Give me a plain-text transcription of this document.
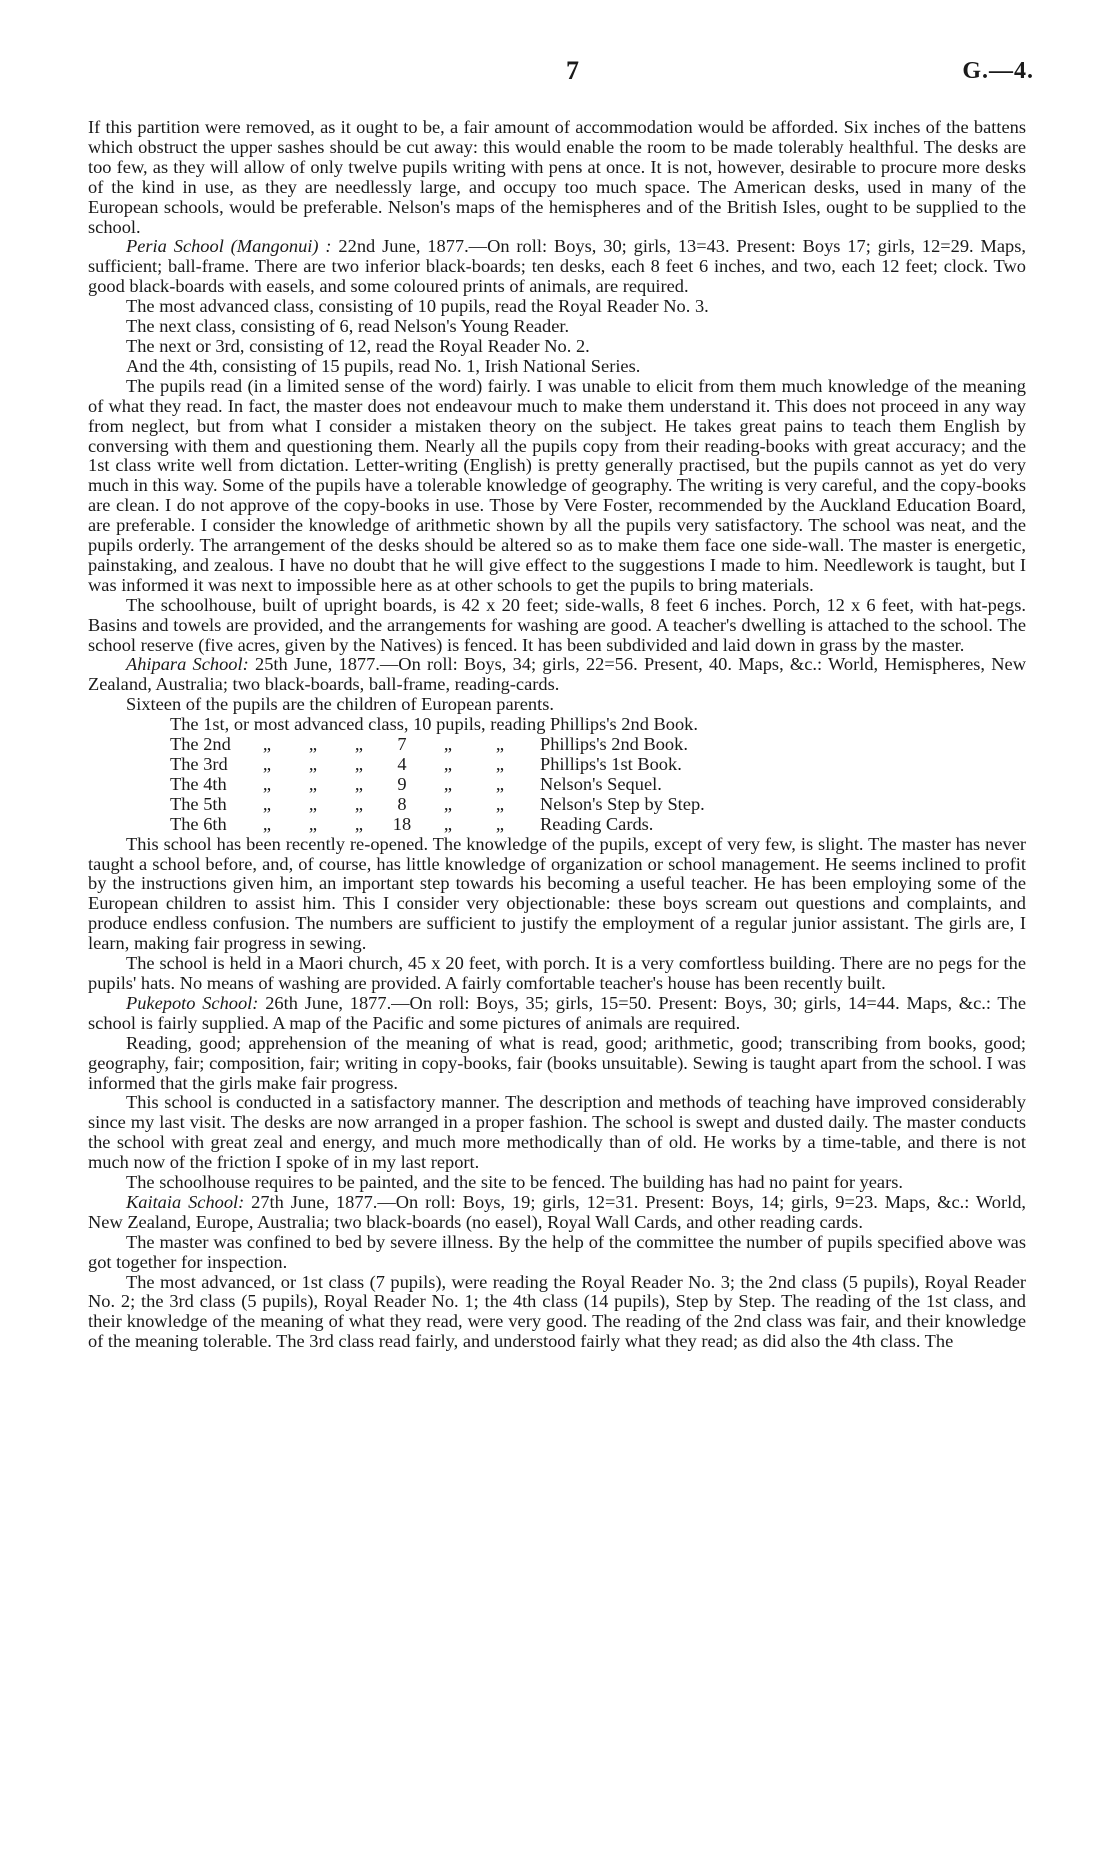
7	G.—4.

If this partition were removed, as it ought to be, a fair amount of accommodation would be afforded. Six inches of the battens which obstruct the upper sashes should be cut away: this would enable the room to be made tolerably healthful. The desks are too few, as they will allow of only twelve pupils writing with pens at once. It is not, however, desirable to procure more desks of the kind in use, as they are needlessly large, and occupy too much space. The American desks, used in many of the European schools, would be preferable. Nelson's maps of the hemispheres and of the British Isles, ought to be supplied to the school.

Peria School (Mangonui) : 22nd June, 1877.—On roll: Boys, 30; girls, 13=43. Present: Boys 17; girls, 12=29. Maps, sufficient; ball-frame. There are two inferior black-boards; ten desks, each 8 feet 6 inches, and two, each 12 feet; clock. Two good black-boards with easels, and some coloured prints of animals, are required.

The most advanced class, consisting of 10 pupils, read the Royal Reader No. 3.

The next class, consisting of 6, read Nelson's Young Reader.

The next or 3rd, consisting of 12, read the Royal Reader No. 2.

And the 4th, consisting of 15 pupils, read No. 1, Irish National Series.

The pupils read (in a limited sense of the word) fairly. I was unable to elicit from them much knowledge of the meaning of what they read. In fact, the master does not endeavour much to make them understand it. This does not proceed in any way from neglect, but from what I consider a mistaken theory on the subject. He takes great pains to teach them English by conversing with them and questioning them. Nearly all the pupils copy from their reading-books with great accuracy; and the 1st class write well from dictation. Letter-writing (English) is pretty generally practised, but the pupils cannot as yet do very much in this way. Some of the pupils have a tolerable knowledge of geography. The writing is very careful, and the copy-books are clean. I do not approve of the copy-books in use. Those by Vere Foster, recommended by the Auckland Education Board, are preferable. I consider the knowledge of arithmetic shown by all the pupils very satisfactory. The school was neat, and the pupils orderly. The arrangement of the desks should be altered so as to make them face one side-wall. The master is energetic, painstaking, and zealous. I have no doubt that he will give effect to the suggestions I made to him. Needlework is taught, but I was informed it was next to impossible here as at other schools to get the pupils to bring materials.

The schoolhouse, built of upright boards, is 42 x 20 feet; side-walls, 8 feet 6 inches. Porch, 12 x 6 feet, with hat-pegs. Basins and towels are provided, and the arrangements for washing are good. A teacher's dwelling is attached to the school. The school reserve (five acres, given by the Natives) is fenced. It has been subdivided and laid down in grass by the master.

Ahipara School: 25th June, 1877.—On roll: Boys, 34; girls, 22=56. Present, 40. Maps, &c.: World, Hemispheres, New Zealand, Australia; two black-boards, ball-frame, reading-cards.

Sixteen of the pupils are the children of European parents.

The 1st, or most advanced class, 10 pupils, reading Phillips's 2nd Book.							
The 2nd	„	„	„	7	„	„	Phillips's 2nd Book.
The 3rd	„	„	„	4	„	„	Phillips's 1st Book.
The 4th	„	„	„	9	„	„	Nelson's Sequel.
The 5th	„	„	„	8	„	„	Nelson's Step by Step.
The 6th	„	„	„	18	„	„	Reading Cards.

This school has been recently re-opened. The knowledge of the pupils, except of very few, is slight. The master has never taught a school before, and, of course, has little knowledge of organization or school management. He seems inclined to profit by the instructions given him, an important step towards his becoming a useful teacher. He has been employing some of the European children to assist him. This I consider very objectionable: these boys scream out questions and complaints, and produce endless confusion. The numbers are sufficient to justify the employment of a regular junior assistant. The girls are, I learn, making fair progress in sewing.

The school is held in a Maori church, 45 x 20 feet, with porch. It is a very comfortless building. There are no pegs for the pupils' hats. No means of washing are provided. A fairly comfortable teacher's house has been recently built.

Pukepoto School: 26th June, 1877.—On roll: Boys, 35; girls, 15=50. Present: Boys, 30; girls, 14=44. Maps, &c.: The school is fairly supplied. A map of the Pacific and some pictures of animals are required.

Reading, good; apprehension of the meaning of what is read, good; arithmetic, good; transcribing from books, good; geography, fair; composition, fair; writing in copy-books, fair (books unsuitable). Sewing is taught apart from the school. I was informed that the girls make fair progress.

This school is conducted in a satisfactory manner. The description and methods of teaching have improved considerably since my last visit. The desks are now arranged in a proper fashion. The school is swept and dusted daily. The master conducts the school with great zeal and energy, and much more methodically than of old. He works by a time-table, and there is not much now of the friction I spoke of in my last report.

The schoolhouse requires to be painted, and the site to be fenced. The building has had no paint for years.

Kaitaia School: 27th June, 1877.—On roll: Boys, 19; girls, 12=31. Present: Boys, 14; girls, 9=23. Maps, &c.: World, New Zealand, Europe, Australia; two black-boards (no easel), Royal Wall Cards, and other reading cards.

The master was confined to bed by severe illness. By the help of the committee the number of pupils specified above was got together for inspection.

The most advanced, or 1st class (7 pupils), were reading the Royal Reader No. 3; the 2nd class (5 pupils), Royal Reader No. 2; the 3rd class (5 pupils), Royal Reader No. 1; the 4th class (14 pupils), Step by Step. The reading of the 1st class, and their knowledge of the meaning of what they read, were very good. The reading of the 2nd class was fair, and their knowledge of the meaning tolerable. The 3rd class read fairly, and understood fairly what they read; as did also the 4th class. The
